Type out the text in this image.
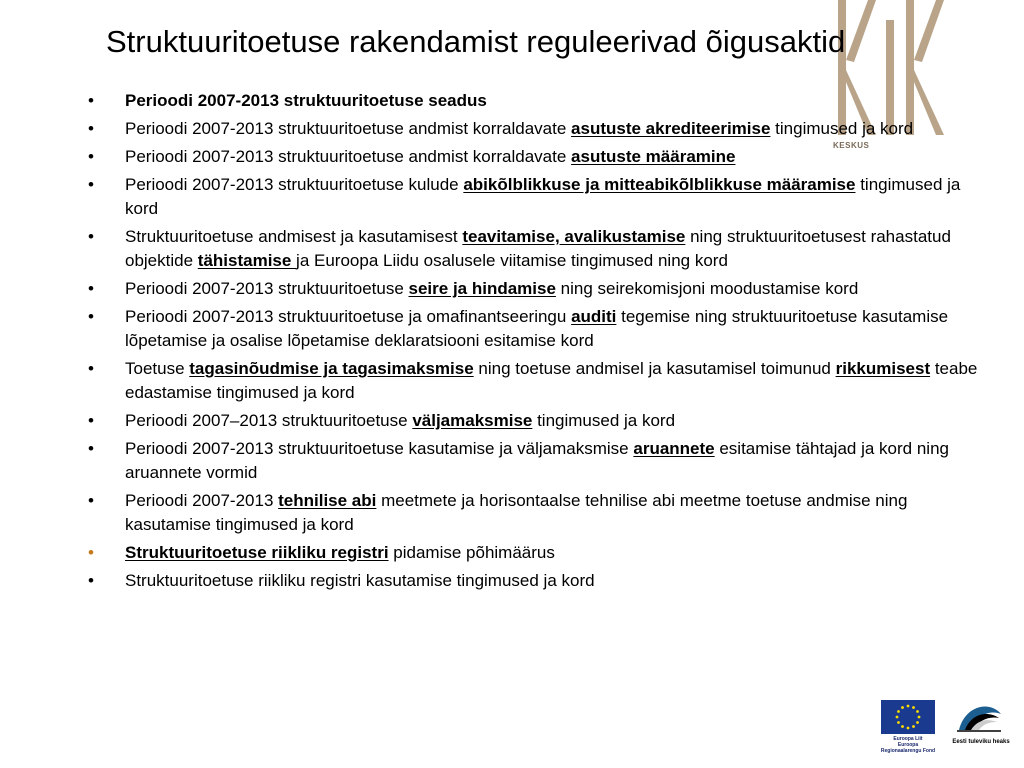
KESKUS
Struktuuritoetuse rakendamist reguleerivad õigusaktid
• Perioodi 2007-2013 struktuuritoetuse seadus
• Perioodi 2007-2013 struktuuritoetuse andmist korraldavate asutuste akrediteerimise tingimused ja kord
• Perioodi 2007-2013 struktuuritoetuse andmist korraldavate asutuste määramine
• Perioodi 2007-2013 struktuuritoetuse kulude abikõlblikkuse ja mitteabikõlblikkuse määramise tingimused ja kord
• Struktuuritoetuse andmisest ja kasutamisest teavitamise, avalikustamise ning struktuuritoetusest rahastatud objektide tähistamise ja Euroopa Liidu osalusele viitamise tingimused ning kord
• Perioodi 2007-2013 struktuuritoetuse seire ja hindamise ning seirekomisjoni moodustamise kord
• Perioodi 2007-2013 struktuuritoetuse ja omafinantseeringu auditi tegemise ning struktuuritoetuse kasutamise lõpetamise ja osalise lõpetamise deklaratsiooni esitamise kord
• Toetuse tagasinõudmise ja tagasimaksmise ning toetuse andmisel ja kasutamisel toimunud rikkumisest teabe edastamise tingimused ja kord
• Perioodi 2007–2013 struktuuritoetuse väljamaksmise tingimused ja kord
• Perioodi 2007-2013 struktuuritoetuse kasutamise ja väljamaksmise aruannete esitamise tähtajad ja kord ning aruannete vormid
• Perioodi 2007-2013 tehnilise abi meetmete ja horisontaalse tehnilise abi meetme toetuse andmise ning kasutamise tingimused ja kord
• Struktuuritoetuse riikliku registri pidamise põhimäärus
• Struktuuritoetuse riikliku registri kasutamise tingimused ja kord
Euroopa Liit
Euroopa
Regionaalarengu Fond
Eesti tuleviku heaks
